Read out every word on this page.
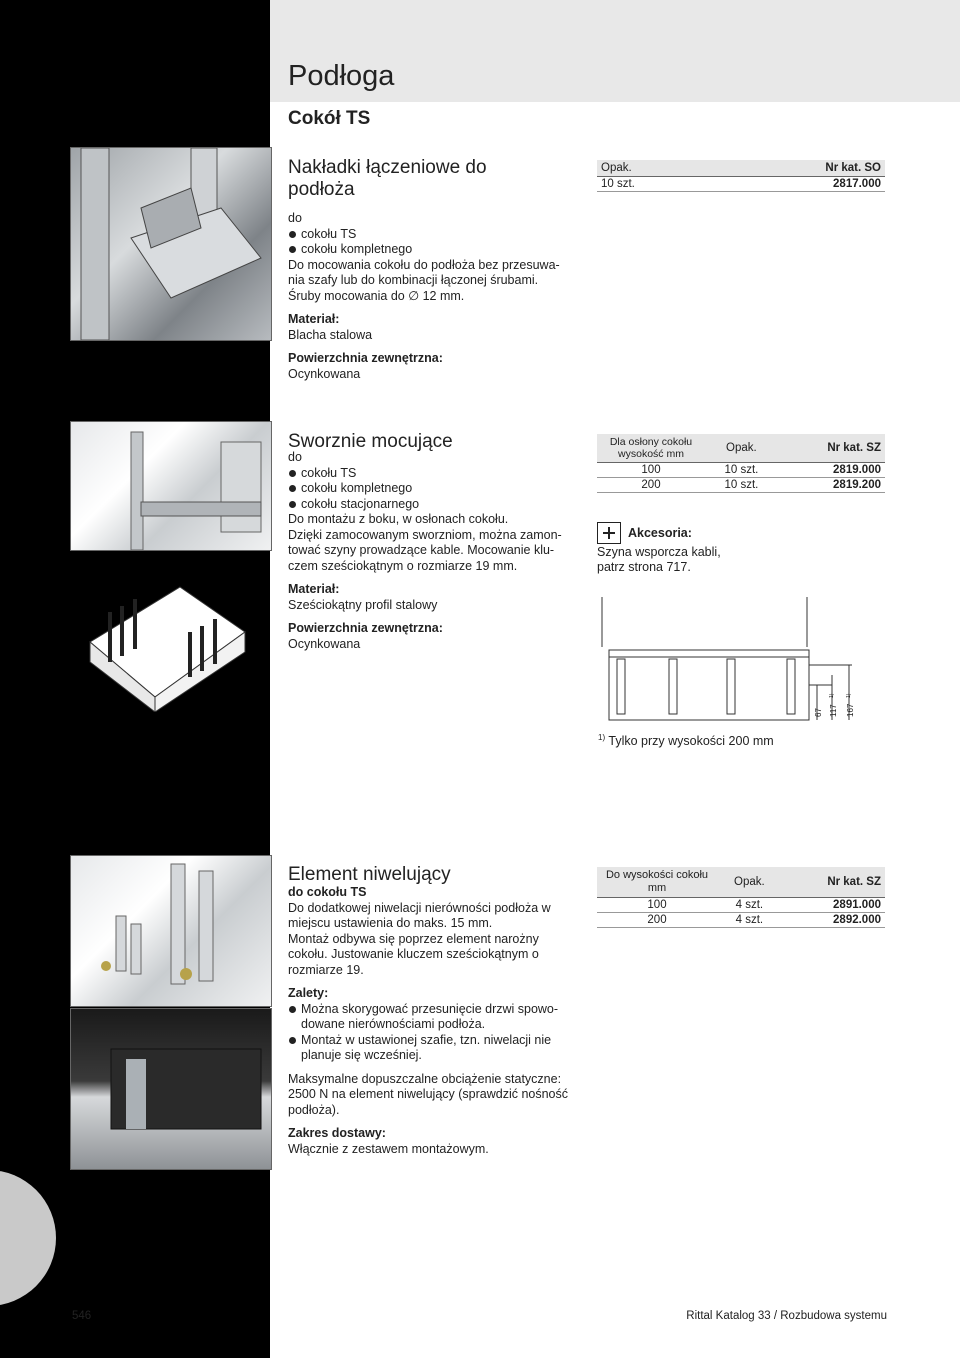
Podłoga
Cokół TS
Nakładki łączeniowe do
podłoża

do

cokołu TS

cokołu kompletnego

Do mocowania cokołu do podłoża bez przesuwa-

nia szafy lub do kombinacji łączonej śrubami.

Śruby mocowania do ∅ 12 mm.

Materiał:

Blacha stalowa

Powierzchnia zewnętrzna:

Ocynkowana

Opak.	Nr kat. SO
10 szt.	2817.000
Sworznie mocujące

do

cokołu TS

cokołu kompletnego

cokołu stacjonarnego

Do montażu z boku, w osłonach cokołu.

Dzięki zamocowanym sworzniom, można zamon-

tować szyny prowadzące kable. Mocowanie klu-

czem sześciokątnym o rozmiarze 19 mm.

Materiał:

Sześciokątny profil stalowy

Powierzchnia zewnętrzna:

Ocynkowana

Dla osłony cokołu wysokość mm	Opak.	Nr kat. SZ
100	10 szt.	2819.000
200	10 szt.	2819.200
Akcesoria:
Szyna wsporcza kabli,
patrz strona 717.
67 117
1)
167
1)
$^{1)}$ Tylko przy wysokości 200 mm
Element niwelujący

do cokołu TS

Do dodatkowej niwelacji nierówności podłoża w

miejscu ustawienia do maks. 15 mm.

Montaż odbywa się poprzez element narożny

cokołu. Justowanie kluczem sześciokątnym o

rozmiarze 19.

Zalety:

Można skorygować przesunięcie drzwi spowo-

dowane nierównościami podłoża.

Montaż w ustawionej szafie, tzn. niwelacji nie

planuje się wcześniej.

Maksymalne dopuszczalne obciążenie statyczne:

2500 N na element niwelujący (sprawdzić nośność

podłoża).

Zakres dostawy:

Włącznie z zestawem montażowym.

Do wysokości cokołu mm	Opak.	Nr kat. SZ
100	4 szt.	2891.000
200	4 szt.	2892.000
546	Rittal Katalog 33 / Rozbudowa systemu
